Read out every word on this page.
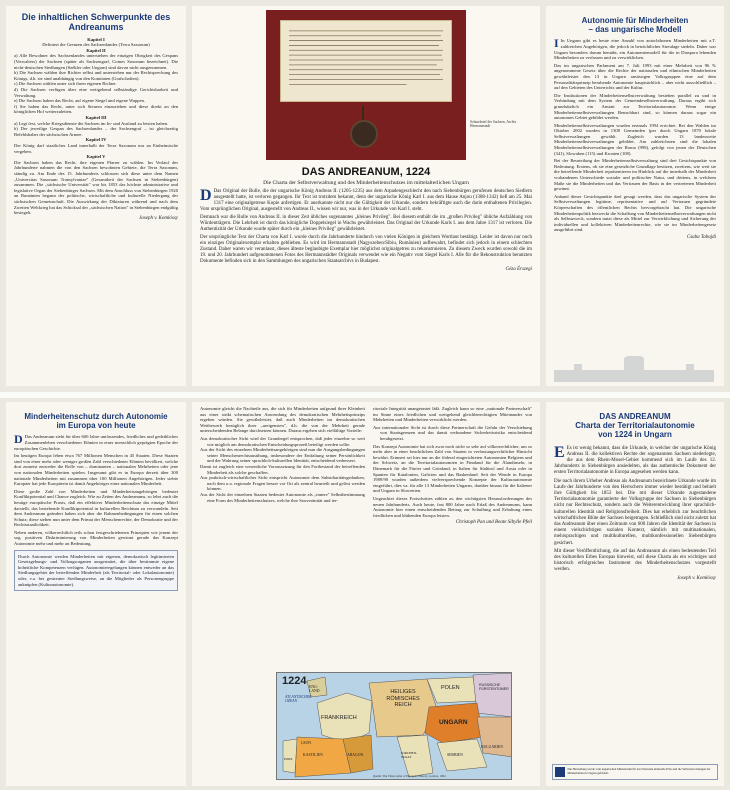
Die inhaltlichen Schwerpunkte des Andreanums
Kapitel I
Definiert die Grenzen des Sachsenlandes (Terra Saxonum)
Kapitel II
a) Alle Bewohner des Sachsenlandes unterstehen der einzigen Obrigkeit des Gespans (Verwalters) der Sachsen (später als Sachsengraf, Comes Saxonum bezeichnet). Die nicht-deutschen Siedlungen (Székler oder Ungarn) sind davon nicht ausgenommen.
b) Die Sachsen wählen ihre Richter selbst und unterstehen nur der Rechtsprechung des Königs, d.h. sie sind unabhängig von den Komitaten (Grafschaften).
c) Die Sachsen wählen unter sich ihren eigenen Richter.
d) Die Sachsen verfügen über eine weitgehend selbständige Gerichtsbarkeit und Verwaltung.
e) Die Sachsen haben das Recht, auf eigene Siegel und eigene Wappen.
f) Sie haben das Recht, unter sich Steuern einzuziehen und diese direkt an den königlichen Hof weiterzuleiten.
Kapitel III
a) Legt fest, welche Kriegsdienste die Sachsen im In- und Ausland zu leisten haben.
b) Der jeweilige Gespan des Sachsenlandes – der Sachsengraf – ist gleichzeitig Befehlshaber der sächsischen Armee.
Kapitel IV
Der König darf staatliches Land innerhalb der Terra Saxonum nur an Einheimische vergeben.
Kapitel V
Die Sachsen haben das Recht, ihre eigenen Pfarrer zu wählen. Im Verlauf der Jahrhunderte nahmen die von den Sachsen bewohnten Gebiete, die Terra Saxonum, ständig zu. Am Ende des 15. Jahrhunderts schlossen sich diese unter dem Namen „Universitas Saxonum Transylvaniae" (Gesamtheit der Sachsen in Siebenbürgen) zusammen. Die „sächsische Universität" war bis 1853 das höchste administrative und legislative Organ der Siebenbürger Sachsen. Mit dem Anschluss von Siebenbürgen 1920 an Rumänien begann der politische, wirtschaftliche und kulturelle Niedergang der sächsischen Gemeinschaft. Die Auswirkung der Diktaturen während und nach dem Zweiten Weltkrieg hat das Schicksal der „sächsischen Nation" in Siebenbürgen endgültig besiegelt.
Joseph v. Komlóssy
Schutzbrief der Sachsen, Archiv Hermannstadt
DAS ANDREANUM, 1224
Die Charta der Selbstverwaltung und des Minderheitenschutzes im mittelalterlichen Ungarn

D Das Original der Bulle, die der ungarische König Andreas II. (1205-1235) aus dem Arpadengeschlecht den nach Siebenbürgen gerufenen deutschen Siedlern ausgestellt hatte, ist verloren gegangen. Ihr Text ist trotzdem bekannt, denn der ungarische König Karl I. aus dem Hause Anjou (1308-1342) ließ am 25. Mai 1317 eine originalgetreue Kopie anfertigen. Er anerkannte nicht nur die Gültigkeit der Urkunde, sondern bekräftigte auch die darin enthaltenen Privilegien. Vom ursprünglichen Original, ausgestellt von Andreas II., wissen wir nur, was in der Urkunde von Karl I. steht.

Demnach war die Bulle von Andreas II. in dieser Zeit übliches sogenanntes „kleines Privileg". Bei diesem enthält die im „großen Privileg" übliche Aufzählung von Würdenträgern. Die Lehrheit ist durch das königliche Doppelsiegel in Wachs gewährleistet. Das Original der Urkunde Karls I. aus dem Jahre 1317 ist verloren. Die Authentizität der Urkunde wurde später durch ein „kleines Privileg" gewährleistet.

Der ursprüngliche Text der Charta von Karl I. wurde durch die Jahrhunderte hindurch von vielen Königen in gleichem Wortlaut bestätigt. Leider ist davon nur noch ein einziges Originalexemplar erhalten geblieben. Es wird im Hermannstadt (Nagyszeben/Sibiu, Rumänien) aufbewahrt, befindet sich jedoch in einem schlechten Zustand. Daher waren wir veranlasst, dieses älteste beglaubigte Exemplar hier möglichst originalgetreu zu rekonstruieren. Zu diesem Zweck wurden sowohl die im 19. und 20. Jahrhundert aufgenommenen Fotos des Hermannstädter Originals verwendet wie ein Negativ vom Siegel Karls I. Alle für die Rekonstruktion benutzten Dokumente befinden sich in den Sammlungen des ungarischen Staatsarchivs in Budapest.

Géza Érszegi
Autonomie für Minderheiten
– das ungarische Modell

I In Ungarn gibt es heute eine Anzahl von autochthonen Minderheiten mit z.T. zahlreichen Angehörigen, die jedoch in beträchtlicher Streulage siedeln. Daher war Ungarn besonders darum bemüht, ein Autonomiemodell für die in Diaspora lebenden Minderheiten zu verfassen und zu verwirklichen.

Das im ungarischen Parlament am 7. Juli 1993 mit einer Mehrheit von 96 % angenommene Gesetz über die Rechte der nationalen und ethnischen Minderheiten gewährleistet den 13 in Ungarn ansässigen Volksgruppen eine auf dem Personalitätsprinzip beruhende Autonomie hauptsächlich – aber nicht ausschließlich – auf den Gebieten des Unterrichts und der Kultur.

Die Institutionen der Minderheitenselbstverwaltung bestehen parallel zu und in Verbindung mit dem System der Gemeindeselbstverwaltung. Daraus ergibt sich grundsätzlich ein Anstatt zur Territorialautonomie. Wenn einige Minderheitenselbstverwaltungen Benachbart sind, so können daraus sogar ein autonomes Gebiet gebildet werden.

Minderheitenselbstverwaltungen wurden erstmals 1994 errichtet. Bei den Wahlen im Oktober 2002 wurden in 1308 Gemeinden (per durch Ungarn 1870 lokale Selbstverwaltungen gewählt. Zugleich wurden 13 landesweite Minderheitenselbstverwaltungen gebildet. Am zahlreichsten sind die lokalen Minderheitenselbstverwaltungen der Roma (998), gefolgt von jenen der Deutschen (341), Slowaken (115) und Kroaten (108).

Bei der Beurteilung der Minderheitenselbstverwaltung sind drei Gesichtspunkte von Bedeutung. Erstens, ob sie eine gesetzliche Grundlage besitzen, zweitens, wie weit sie die betreffende Minderheit repräsentieren im Hinblick auf die innerhalb der Minderheit vorhandenen Unterschiede sozialer und politischer Natur, und drittens, in welchem Maße sie die Minderheiten und das Vertrauen der Basis in der vertretenen Minderheit gewinnt.

Anhand dieser Gesichtspunkte darf gesagt werden, dass das ungarische System der Selbstverwaltungen legitime, repräsentative und auf Vertrauen gegründete Körperschaften des öffentlichen Rechts hervorgebracht hat. Die ungarische Minderheitenpolitik bezweckt die Schaffung von Minderheitenselbstverwaltungen nicht als Selbstzweck, sondern nutzt diese als Mittel zur Verwirklichung und Sicherung der individuellen und kollektiven Minderheitenrechte, wie sie im Minderheitengesetz ausgeführt sind.

Csaba Tabajdi
Minderheitenschutz durch Autonomie
im Europa von heute

D Das Andreanum steht für über 600 Jahre umfassendes, friedliches und gedeihliches Zusammenleben verschiedener Ethnien in einer menschlich geprägten Epoche der europäischen Geschichte.

Im heutigen Europa leben etwa 767 Millionen Menschen in 45 Staaten. Diese Staaten sind von einer mehr oder weniger großen Zahl verschiedener Ethnien bevölkert, welche dort zumeist entweder die Rolle von – dominanten – nationalen Mehrheiten oder jene von nationalen Minderheiten spielen. Insgesamt gibt es in Europa derzeit über 300 nationale Minderheiten mit zusammen über 100 Millionen Angehörigen. Jeder siebte Europäer hat jede Europäerin ist damit Angehöriger einer nationalen Minderheit.

Diese große Zahl von Minderheiten und Minderheitsangehörigen bedeutet Konfliktpotential und Chance zugleich. Wie zu Zeiten des Andreanums, so lehrt auch die heutige europäische Praxis, daß ein effektiver Minderheitenschutz das einzige Mittel darstellt, das bestehende Konfliktpotential in kulturellen Reichtum zu verwandeln. Seit dem Andreanum geändert haben sich aber die Rahmenbedingungen für einen solchen Schutz; diese stehen nun unter dem Primat der Menschenrechte, der Demokratie und der Rechtsstaatlichkeit.

Neben anderen, völkerrechtlich teils schon festgeschriebenen Prinzipien wie jenem der sog. positiven Diskriminierung von Minderheiten gewinnt gerade das Konzept Autonomie mehr und mehr an Bedeutung.

Durch Autonomie werden Minderheiten mit eigenen, demokratisch legitimierten Gesetzgebungs- und Vollzugsorganen ausgestattet, die über bestimmte eigene hoheitliche Kompetenzen verfügen. Autonomieregelungen können entweder an das Siedlungsgebiet der betreffenden Minderheit (als Territorial- oder Lokalautonomie) oder, v.a. bei gestreuter Siedlungsweise, an die Mitglieder als Personengruppe anknüpfen (Kulturautonomie).

Autonomie gleicht die Nachteile aus, die sich für Minderheiten aufgrund ihrer Kleinheit aus einer strikt schematischen Anwendung des demokratischen Mehrheitsprinzips ergeben würden. Sie gewährleistet, daß auch Minderheiten im demokratischen Wettbewerb bezüglich ihrer „ureigensten", d.h. die von der Mehrheit gerade unterscheidenden Belange durchsetzen können. Daraus ergeben sich vielfältige Vorteile:

Aus demokratischer Sicht wird der Grundregel entsprochen, daß jeder einzelne so weit wie möglich am demokratischen Entscheidungsprozeß beteiligt werden sollte.
Aus der Sicht des einzelnen Minderheitsangehörigen sind nun die Ausgangsbedingungen seiner Menschenrechtsausübung, insbesondere der Entfaltung seiner Persönlichkeit und der Wahrung seiner sprachlich-kulturellen Identität, entscheidend verbessert.
Damit ist zugleich eine wesentliche Voraussetzung für den Fortbestand der betreffenden Minderheit als solche geschaffen.
Aus praktisch-wirtschaftlicher Sicht entspricht Autonomie dem Subsidiaritätsgedanken, nach dem u.a. regionale Fragen besser vor Ort als zentral beurteilt und gelöst werden können.
Aus der Sicht der einzelnen Staaten bedeutet Autonomie als „innere" Selbstbestimmung eine Form des Minderheitenschutzes, welche ihre Souveränität und ter-

ritoriale Integrität unangetastet läßt. Zugleich kann so eine „nationale Partnerschaft" im Sinne eines friedlichen und weitgehend gleichberechtigten Miteinander von Mehrheiten und Minderheiten verwirklicht werden.

Aus internationaler Sicht ist durch diese Partnerschaft die Gefahr der Verschiebung von Staatsgrenzen und das damit verbundene Sicherheitsrisiko entscheidend herabgesetzt.

Das Konzept Autonomie hat sich zwar noch nicht so sehr auf völkerrechtlicher, um so mehr aber in einer beachtlichen Zahl von Staaten in verfassungsrechtlicher Hinsicht bewährt. Erinnert sei hier nur an die föderal eingerichteten Autonomien Belgiens und der Schweiz, an die Territorialautonomien in Finnland für die Ålandinseln, in Dänemark für die Färöer und Grönland, in Italien für Südtirol und Aosta oder in Spanien für Katalonien, Galicien und das Baskenland. Seit der Wende in Europa 1989/90 wurden außerdem vielversprechende Konzepte der Kulturautonomie eingeführt, dies va. für alle 13 Minderheiten Ungarns, darüber hinaus für die Italiener und Ungarn in Slowenien.

Ungeachtet dieses Fortschrittes zählen zu den wichtigsten Herausforderungen des neuen Jahrhunderts. Auch heute, fast 800 Jahre nach Erlaß des Andreanums, kann Autonomie hier einen entscheidenden Beitrag zur Schaffung und Erhaltung eines friedlichen und blühenden Europa leisten.

Christoph Pan und Beate Sibylle Pfeil
1224
ATLANTISCHER OZEAN
ENG-LAND
FRANKREICH
HEILIGES RÖMISCHES REICH
POLEN	RUSSISCHE FÜRSTENTÜMER
UNGARN
LEON
KASTILIEN
PORT.
ARAGON	KIRCHEN-STAAT	SERBIEN
BULGARIEN
Quelle: The Times Atlas of European History, London, 1994
DAS ANDREANUM
Charta der Territorialautonomie
von 1224 in Ungarn

E Es ist wenig bekannt, dass die Urkunde, in welcher der ungarische König Andreas II. die kollektiven Rechte der sogenannten Sachsen niederlegte, die aus dem Rhein-Mosel-Gebiet kommend sich im Laufe des 12. Jahrhunderts in Siebenbürgen ansiedelten, als das authentische Dokument der ersten Territorialautonomie in Europa angesehen werden kann.

Die nach ihrem Urheber Andreas als Andreanum bezeichnete Urkunde wurde im Laufe der Jahrhunderte von den Herrschern immer wieder bestätigt und behielt ihre Gültigkeit bis 1853 bei. Die mit dieser Urkunde zugestandene Territorialautonomie garantierte der Volksgruppe der Sachsen in Siebenbürgen nicht nur Rechtsschutz, sondern auch die Weiterentwicklung ihrer sprachlich-kulturellen Identität und Religionsfreiheit. Dies hat erheblich zur beachtlichen wirtschaftlichen Blüte der Sachsen beigetragen. Schließlich sind nicht zuletzt hat das Andreanum über einen Zeitraum von 600 Jahren die Identität der Sachsen in einem vielschichtigen sozialen Kontext, nämlich mit multinationalen, mehrsprachigen und multikulturellen, multikonfessionellen Siebenbürgen gesichert.

Mit dieser Veröffentlichung, die auf das Andreanum als einen bedeutenden Teil des kulturellen Erbes Europas hinweist, soll diese Charta als ein wichtiges und historisch erfolgreiches Instrument des Minderheitenschutzes vorgestellt werden.

Joseph v. Komlóssy
Die Herstellung wurde vom ungarischen Ministerium für das Nationale kulturelle Erbe und die Selbstverwaltungen der Minderheiten in Ungarn gefördert.
